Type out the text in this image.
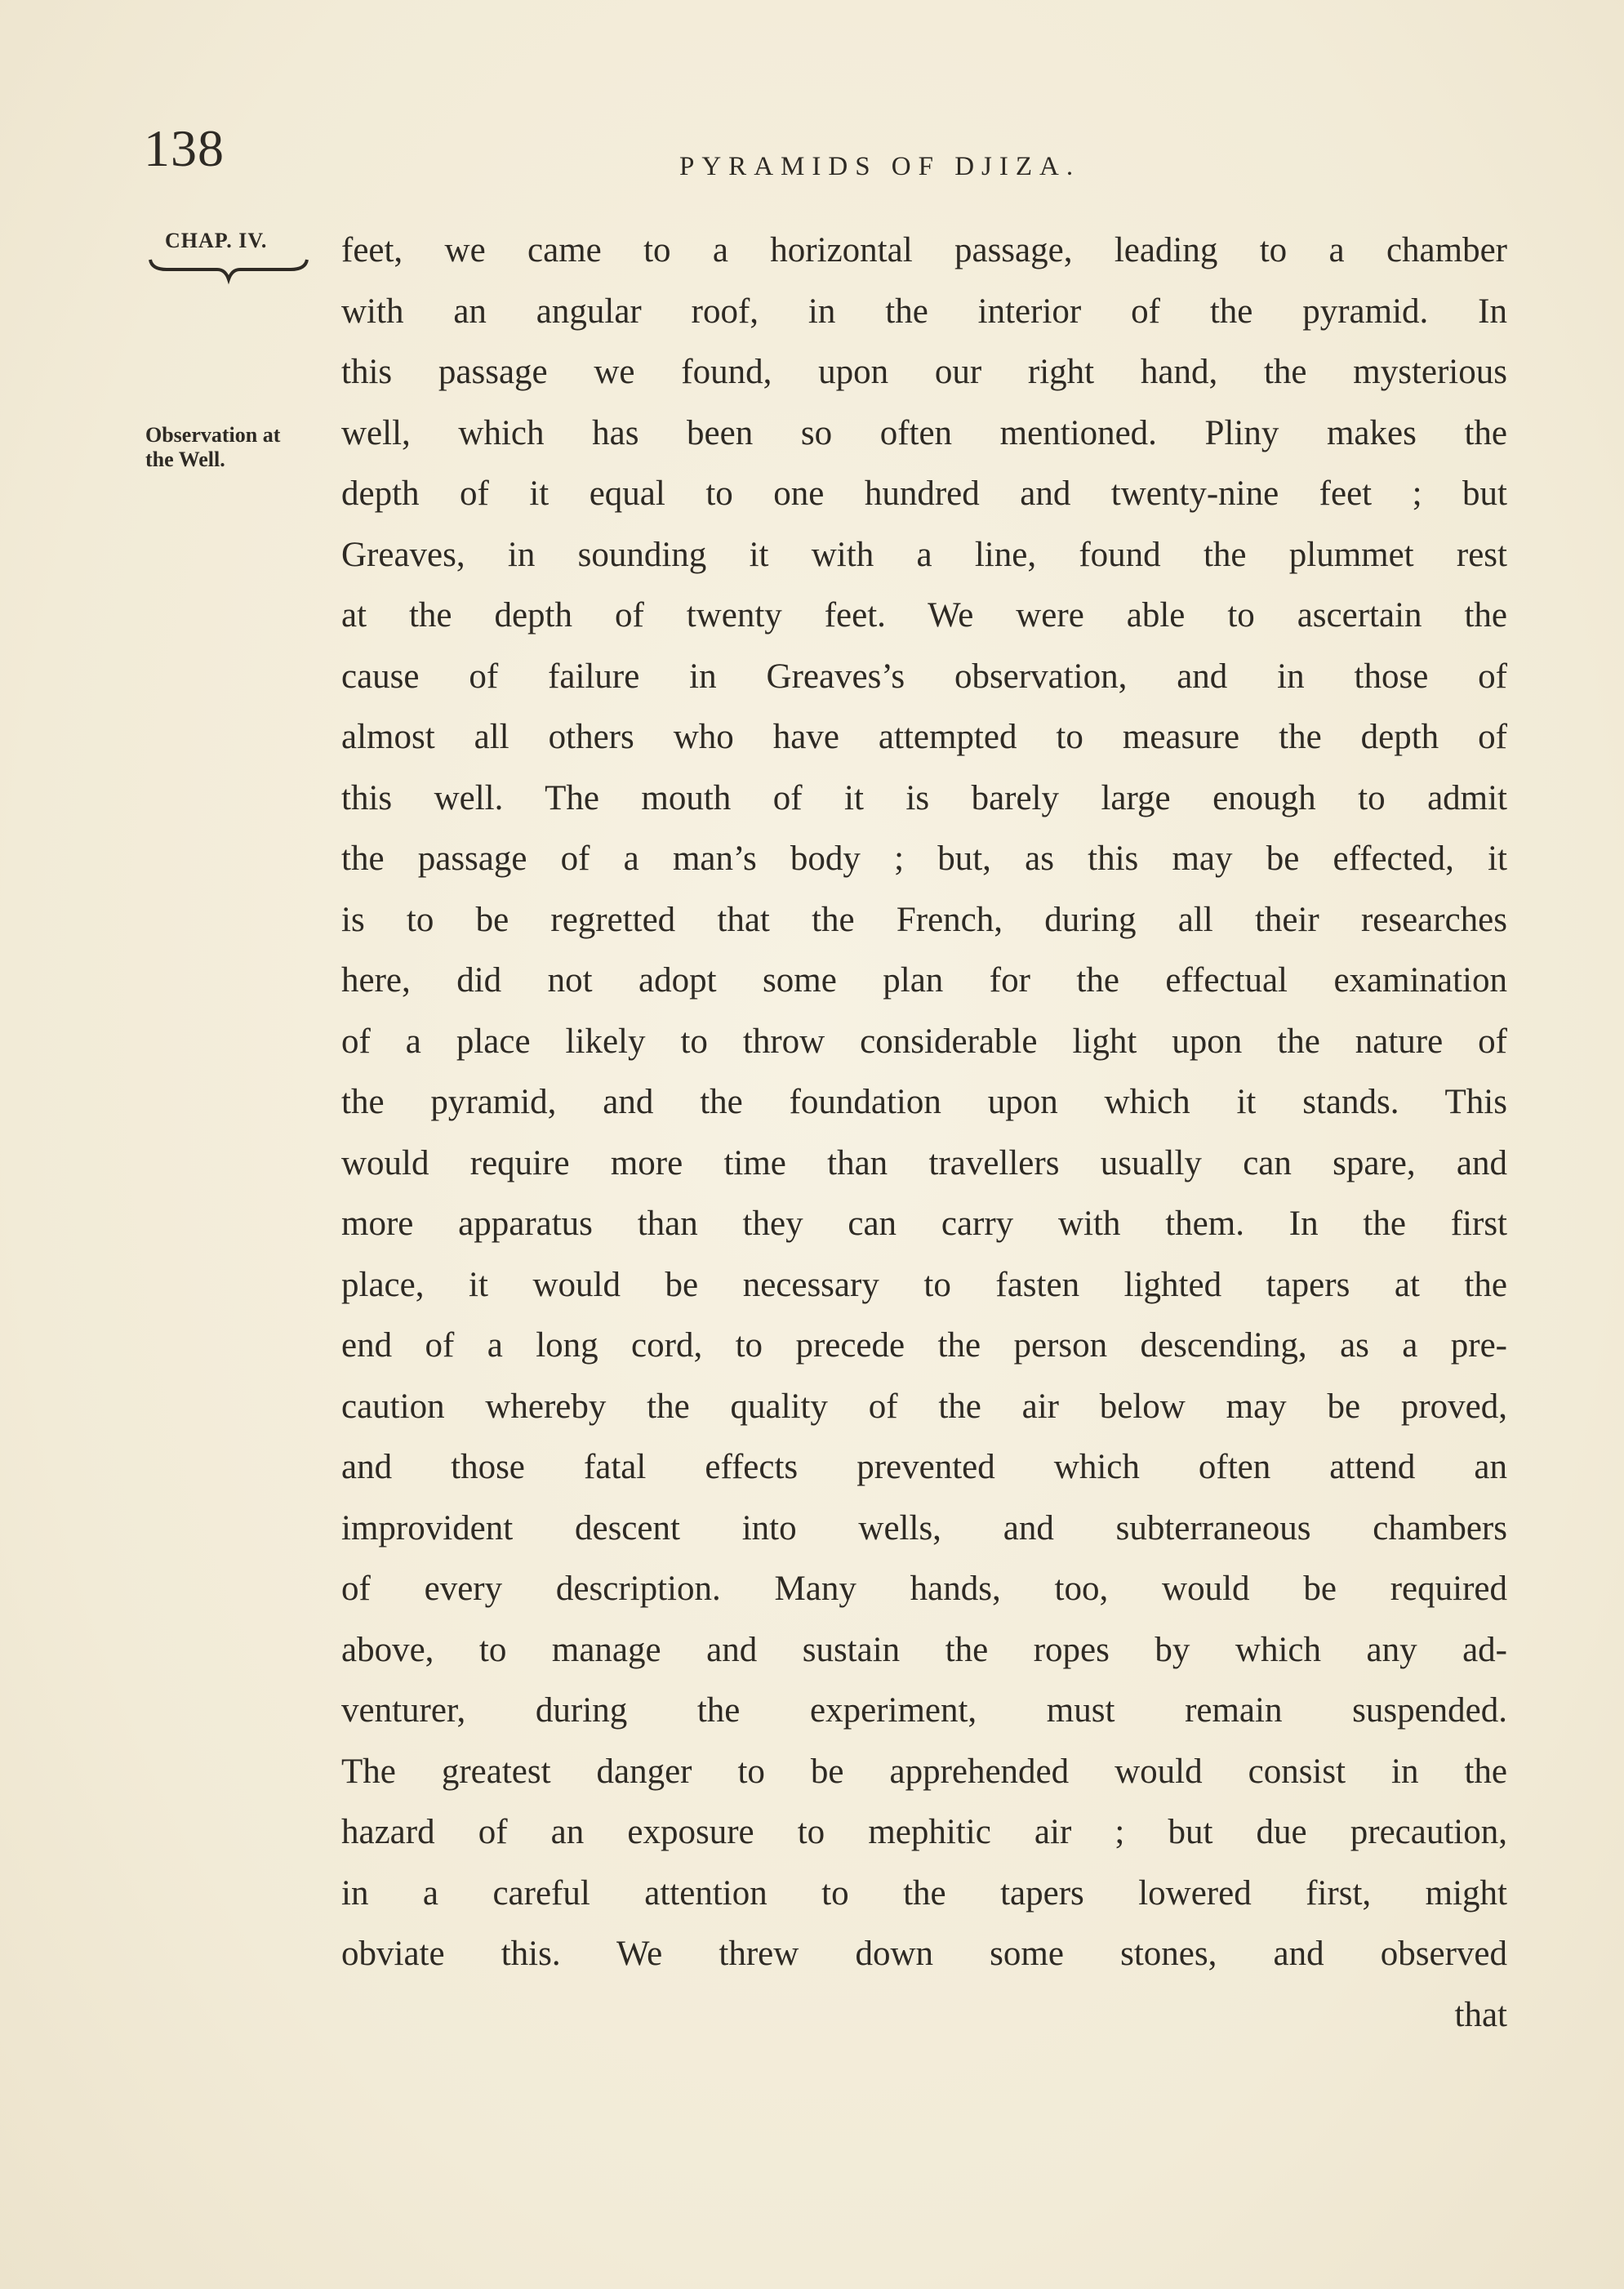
138	PYRAMIDS OF DJIZA.
CHAP. IV.
Observation at
the Well.
feet, we came to a horizontal passage, leading to a chamber
with an angular roof, in the interior of the pyramid. In
this passage we found, upon our right hand, the mysterious
well, which has been so often mentioned. Pliny makes the
depth of it equal to one hundred and twenty-nine feet ; but
Greaves, in sounding it with a line, found the plummet rest
at the depth of twenty feet. We were able to ascertain the
cause of failure in Greaves’s observation, and in those of
almost all others who have attempted to measure the depth of
this well. The mouth of it is barely large enough to admit
the passage of a man’s body ; but, as this may be effected, it
is to be regretted that the French, during all their researches
here, did not adopt some plan for the effectual examination
of a place likely to throw considerable light upon the nature of
the pyramid, and the foundation upon which it stands. This
would require more time than travellers usually can spare, and
more apparatus than they can carry with them. In the first
place, it would be necessary to fasten lighted tapers at the
end of a long cord, to precede the person descending, as a pre-
caution whereby the quality of the air below may be proved,
and those fatal effects prevented which often attend an
improvident descent into wells, and subterraneous chambers
of every description. Many hands, too, would be required
above, to manage and sustain the ropes by which any ad-
venturer, during the experiment, must remain suspended.
The greatest danger to be apprehended would consist in the
hazard of an exposure to mephitic air ; but due precaution,
in a careful attention to the tapers lowered first, might
obviate this. We threw down some stones, and observed
that
